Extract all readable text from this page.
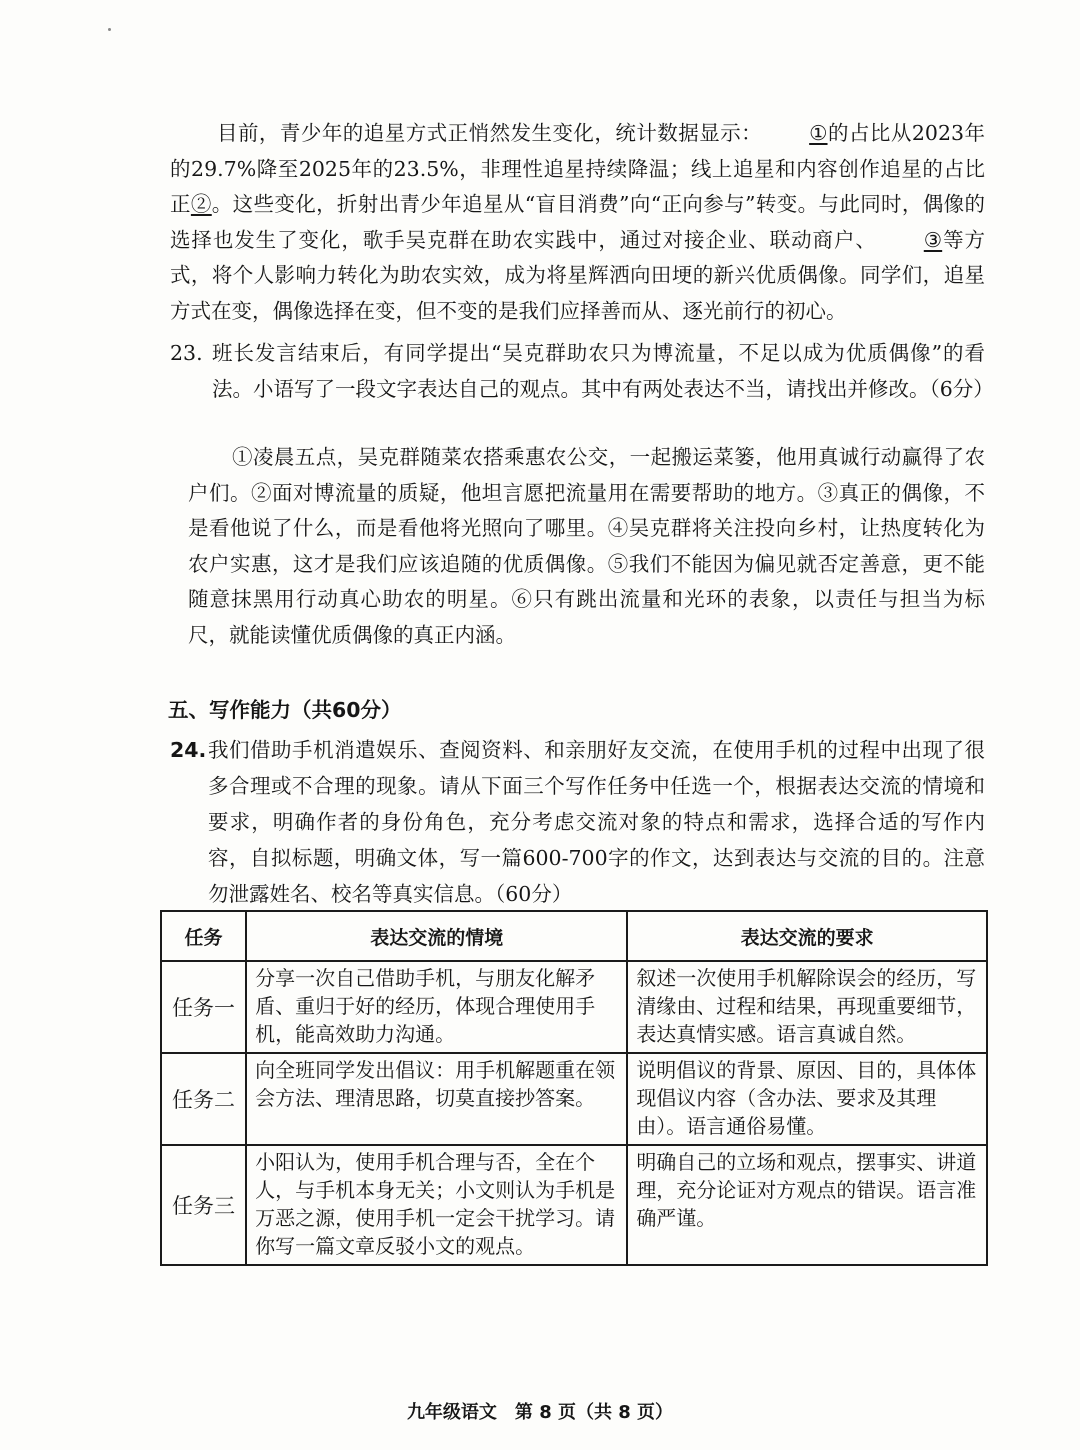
目前，青少年的追星方式正悄然发生变化，统计数据显示： ①的占比从2023年的29.7%降至2025年的23.5%，非理性追星持续降温；线上追星和内容创作追星的占比正②。这些变化，折射出青少年追星从“盲目消费”向“正向参与”转变。与此同时，偶像的选择也发生了变化，歌手吴克群在助农实践中，通过对接企业、联动商户、 ③等方式，将个人影响力转化为助农实效，成为将星辉洒向田埂的新兴优质偶像。同学们，追星方式在变，偶像选择在变，但不变的是我们应择善而从、逐光前行的初心。
23. 班长发言结束后，有同学提出“吴克群助农只为博流量，不足以成为优质偶像”的看法。小语写了一段文字表达自己的观点。其中有两处表达不当，请找出并修改。（6分）
①凌晨五点，吴克群随菜农搭乘惠农公交，一起搬运菜篓，他用真诚行动赢得了农户们。②面对博流量的质疑，他坦言愿把流量用在需要帮助的地方。③真正的偶像，不是看他说了什么，而是看他将光照向了哪里。④吴克群将关注投向乡村，让热度转化为农户实惠，这才是我们应该追随的优质偶像。⑤我们不能因为偏见就否定善意，更不能随意抹黑用行动真心助农的明星。⑥只有跳出流量和光环的表象，以责任与担当为标尺，就能读懂优质偶像的真正内涵。
五、写作能力（共60分）
24. 我们借助手机消遣娱乐、查阅资料、和亲朋好友交流，在使用手机的过程中出现了很多合理或不合理的现象。请从下面三个写作任务中任选一个，根据表达交流的情境和要求，明确作者的身份角色，充分考虑交流对象的特点和需求，选择合适的写作内容，自拟标题，明确文体，写一篇600-700字的作文，达到表达与交流的目的。注意勿泄露姓名、校名等真实信息。（60分）
任务	表达交流的情境	表达交流的要求
任务一	分享一次自己借助手机，与朋友化解矛盾、重归于好的经历，体现合理使用手机，能高效助力沟通。	叙述一次使用手机解除误会的经历，写清缘由、过程和结果，再现重要细节，表达真情实感。语言真诚自然。
任务二	向全班同学发出倡议：用手机解题重在领会方法、理清思路，切莫直接抄答案。	说明倡议的背景、原因、目的，具体体现倡议内容（含办法、要求及其理由）。语言通俗易懂。
任务三	小阳认为，使用手机合理与否，全在个人，与手机本身无关；小文则认为手机是万恶之源，使用手机一定会干扰学习。请你写一篇文章反驳小文的观点。	明确自己的立场和观点，摆事实、讲道理，充分论证对方观点的错误。语言准确严谨。
九年级语文　第 8 页（共 8 页）
